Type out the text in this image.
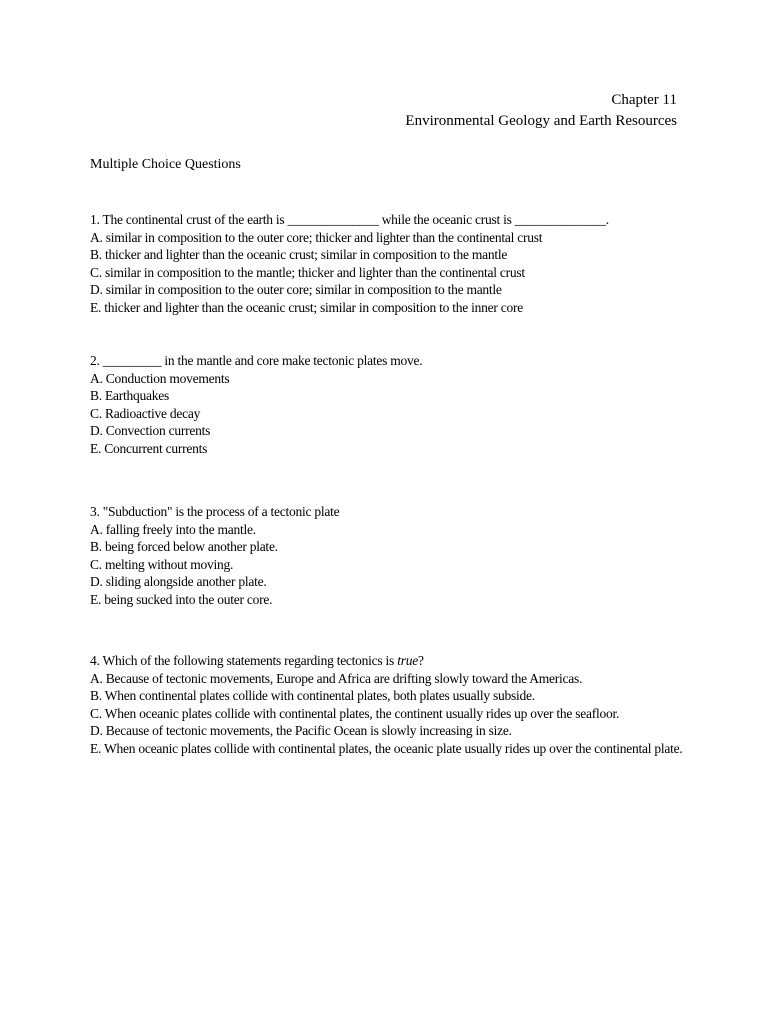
Chapter 11
Environmental Geology and Earth Resources
Multiple Choice Questions
1. The continental crust of the earth is ______________ while the oceanic crust is ______________.
A. similar in composition to the outer core; thicker and lighter than the continental crust
B. thicker and lighter than the oceanic crust; similar in composition to the mantle
C. similar in composition to the mantle; thicker and lighter than the continental crust
D. similar in composition to the outer core; similar in composition to the mantle
E. thicker and lighter than the oceanic crust; similar in composition to the inner core
2. _________ in the mantle and core make tectonic plates move.
A. Conduction movements
B. Earthquakes
C. Radioactive decay
D. Convection currents
E. Concurrent currents
3. "Subduction" is the process of a tectonic plate
A. falling freely into the mantle.
B. being forced below another plate.
C. melting without moving.
D. sliding alongside another plate.
E. being sucked into the outer core.
4. Which of the following statements regarding tectonics is true?
A. Because of tectonic movements, Europe and Africa are drifting slowly toward the Americas.
B. When continental plates collide with continental plates, both plates usually subside.
C. When oceanic plates collide with continental plates, the continent usually rides up over the seafloor.
D. Because of tectonic movements, the Pacific Ocean is slowly increasing in size.
E. When oceanic plates collide with continental plates, the oceanic plate usually rides up over the continental plate.
